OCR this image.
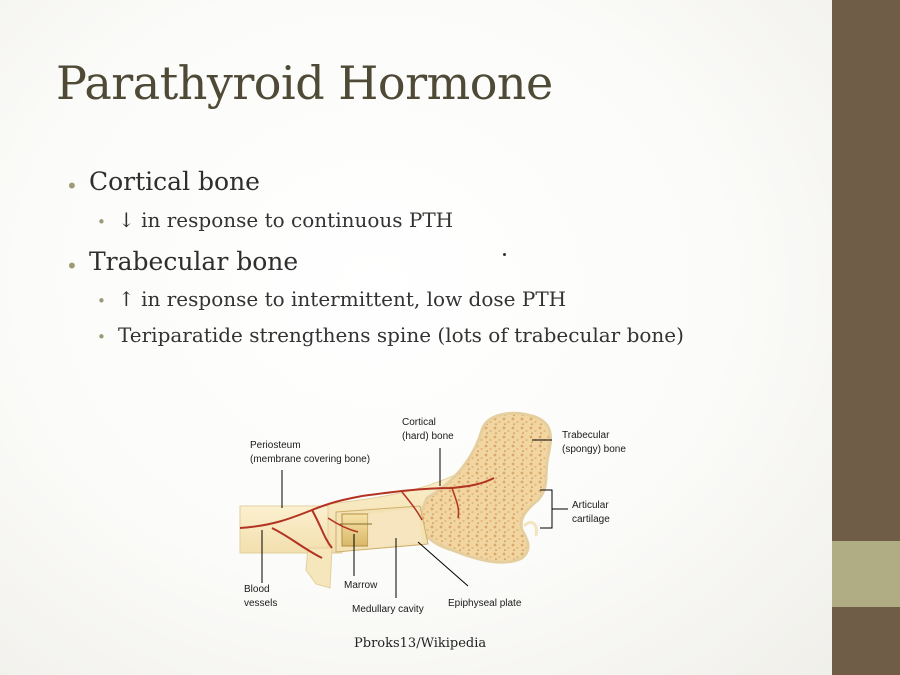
Parathyroid Hormone
• Cortical bone
• ↓ in response to continuous PTH
• Trabecular bone
• ↑ in response to intermittent, low dose PTH
• Teriparatide strengthens spine (lots of trabecular bone)
Periosteum
(membrane covering bone)
Cortical
(hard) bone	Trabecular
(spongy) bone
Articular
cartilage
Blood
vessels
Marrow
Medullary cavity
Epiphyseal plate
Pbroks13/Wikipedia
